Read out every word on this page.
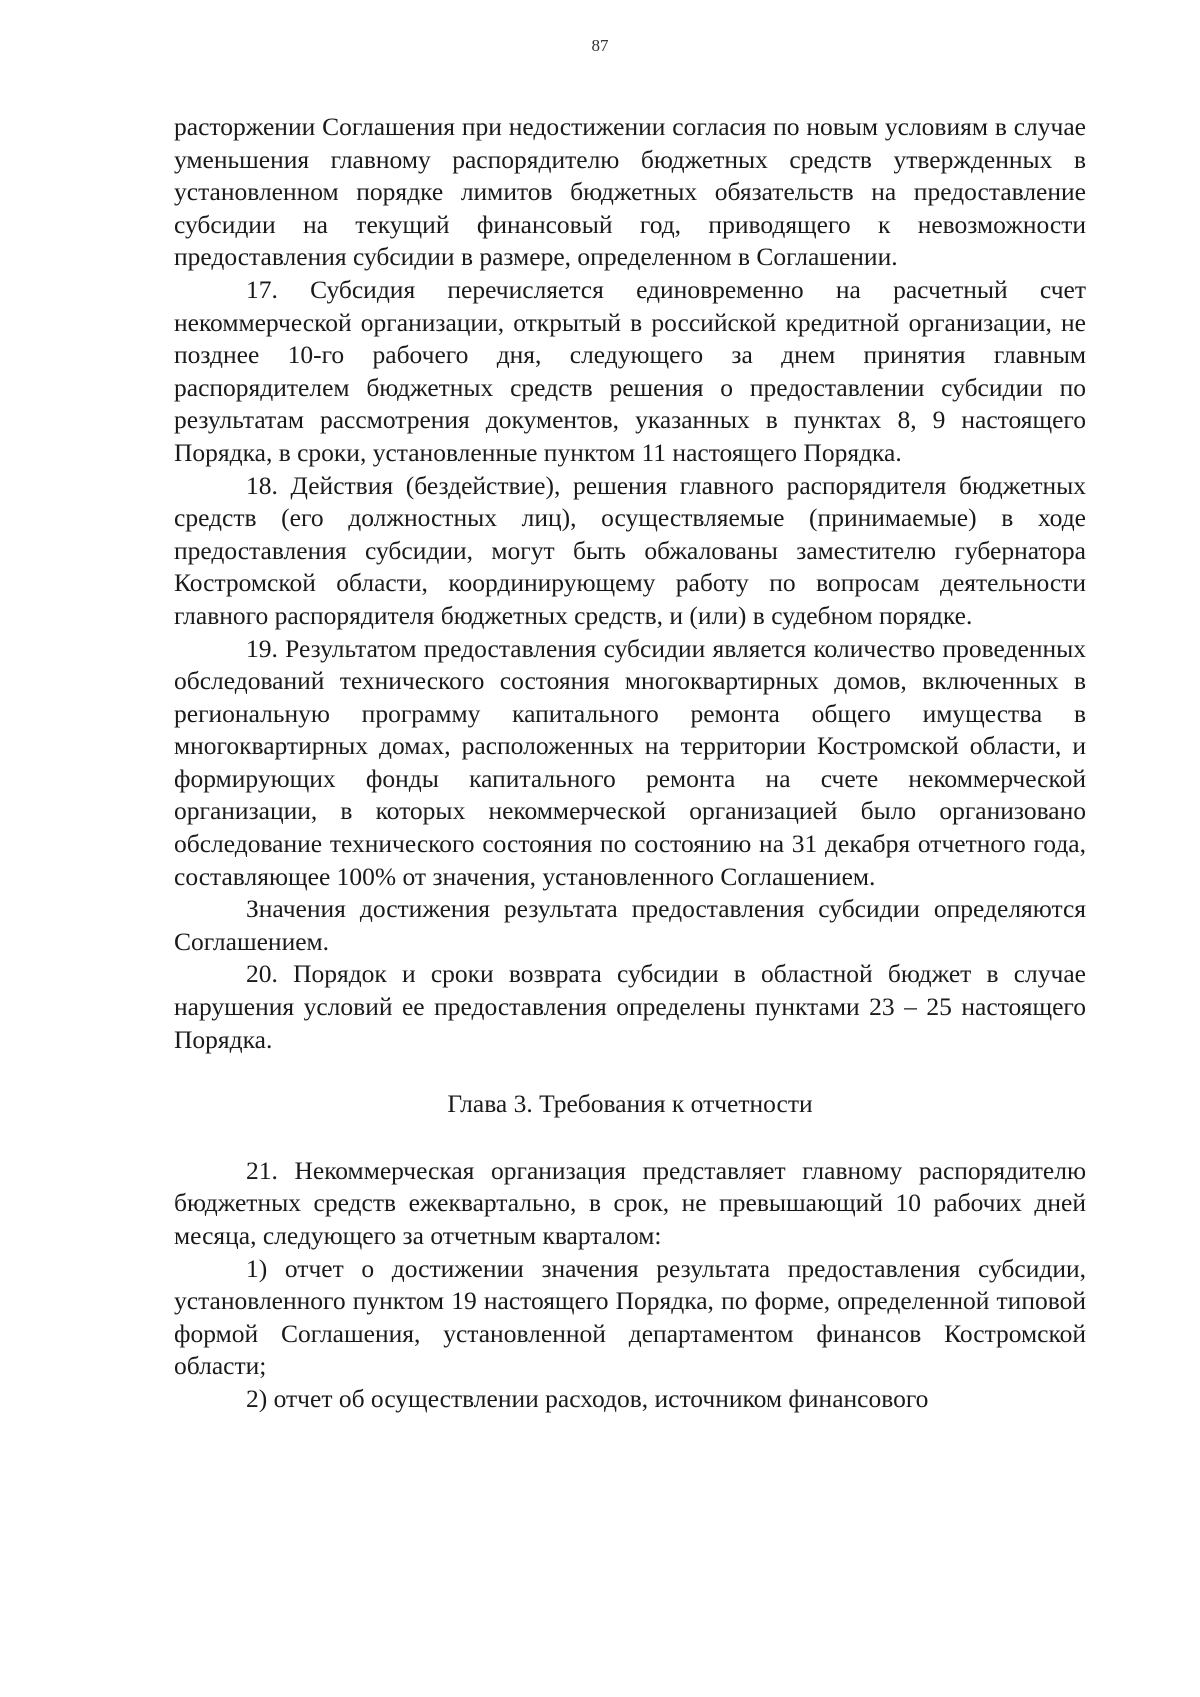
87

расторжении Соглашения при недостижении согласия по новым условиям в случае уменьшения главному распорядителю бюджетных средств утвержденных в установленном порядке лимитов бюджетных обязательств на предоставление субсидии на текущий финансовый год, приводящего к невозможности предоставления субсидии в размере, определенном в Соглашении.

17. Субсидия перечисляется единовременно на расчетный счет некоммерческой организации, открытый в российской кредитной организации, не позднее 10-го рабочего дня, следующего за днем принятия главным распорядителем бюджетных средств решения о предоставлении субсидии по результатам рассмотрения документов, указанных в пунктах 8, 9 настоящего Порядка, в сроки, установленные пунктом 11 настоящего Порядка.

18. Действия (бездействие), решения главного распорядителя бюджетных средств (его должностных лиц), осуществляемые (принимаемые) в ходе предоставления субсидии, могут быть обжалованы заместителю губернатора Костромской области, координирующему работу по вопросам деятельности главного распорядителя бюджетных средств, и (или) в судебном порядке.

19. Результатом предоставления субсидии является количество проведенных обследований технического состояния многоквартирных домов, включенных в региональную программу капитального ремонта общего имущества в многоквартирных домах, расположенных на территории Костромской области, и формирующих фонды капитального ремонта на счете некоммерческой организации, в которых некоммерческой организацией было организовано обследование технического состояния по состоянию на 31 декабря отчетного года, составляющее 100% от значения, установленного Соглашением.

Значения достижения результата предоставления субсидии определяются Соглашением.

20. Порядок и сроки возврата субсидии в областной бюджет в случае нарушения условий ее предоставления определены пунктами 23 – 25 настоящего Порядка.

Глава 3. Требования к отчетности

21. Некоммерческая организация представляет главному распорядителю бюджетных средств ежеквартально, в срок, не превышающий 10 рабочих дней месяца, следующего за отчетным кварталом:

1) отчет о достижении значения результата предоставления субсидии, установленного пунктом 19 настоящего Порядка, по форме, определенной типовой формой Соглашения, установленной департаментом финансов Костромской области;

2) отчет об осуществлении расходов, источником финансового
